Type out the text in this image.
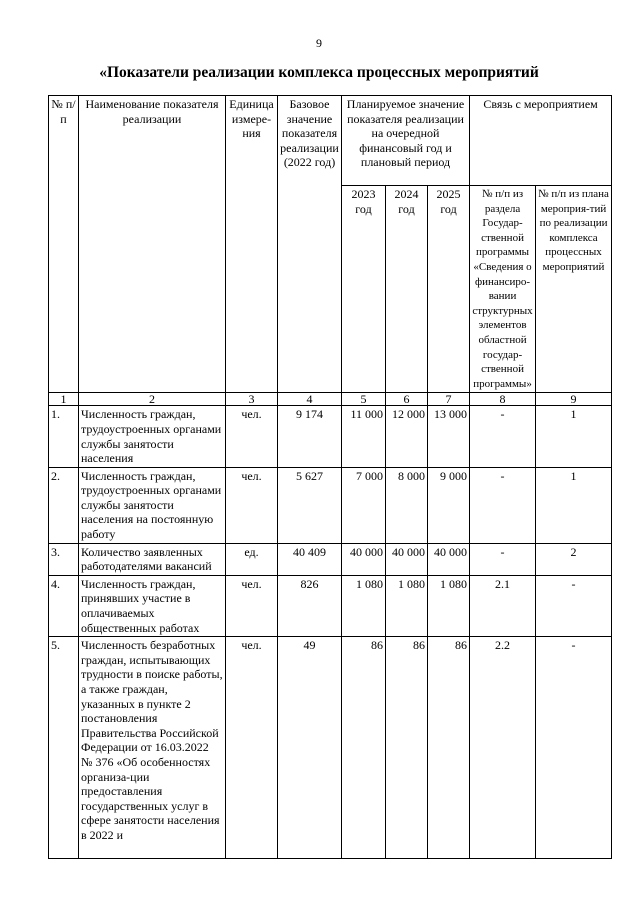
9
«Показатели реализации комплекса процессных мероприятий
№ п/п	Наименование показателя реализации	Единица измере-ния	Базовое значение показателя реализации (2022 год)	Планируемое значение показателя реализации на очередной финансовый год и плановый период			Связь с мероприятием	
				2023 год	2024 год	2025 год	№ п/п из раздела Государ-ственной программы «Сведения о финансиро-вании структурных элементов областной государ-ственной программы»	№ п/п из плана мероприя-тий по реализации комплекса процессных мероприятий
1	2	3	4	5	6	7	8	9
1.	Численность граждан, трудоустроенных органами службы занятости населения	чел.	9 174	11 000	12 000	13 000	-	1
2.	Численность граждан, трудоустроенных органами службы занятости населения на постоянную работу	чел.	5 627	7 000	8 000	9 000	-	1
3.	Количество заявленных работодателями вакансий	ед.	40 409	40 000	40 000	40 000	-	2
4.	Численность граждан, принявших участие в оплачиваемых общественных работах	чел.	826	1 080	1 080	1 080	2.1	-
5.	Численность безработных граждан, испытывающих трудности в поиске работы, а также граждан, указанных в пункте 2 постановления Правительства Российской Федерации от 16.03.2022 № 376 «Об особенностях организа-ции предоставления государственных услуг в сфере занятости населения в 2022 и	чел.	49	86	86	86	2.2	-
